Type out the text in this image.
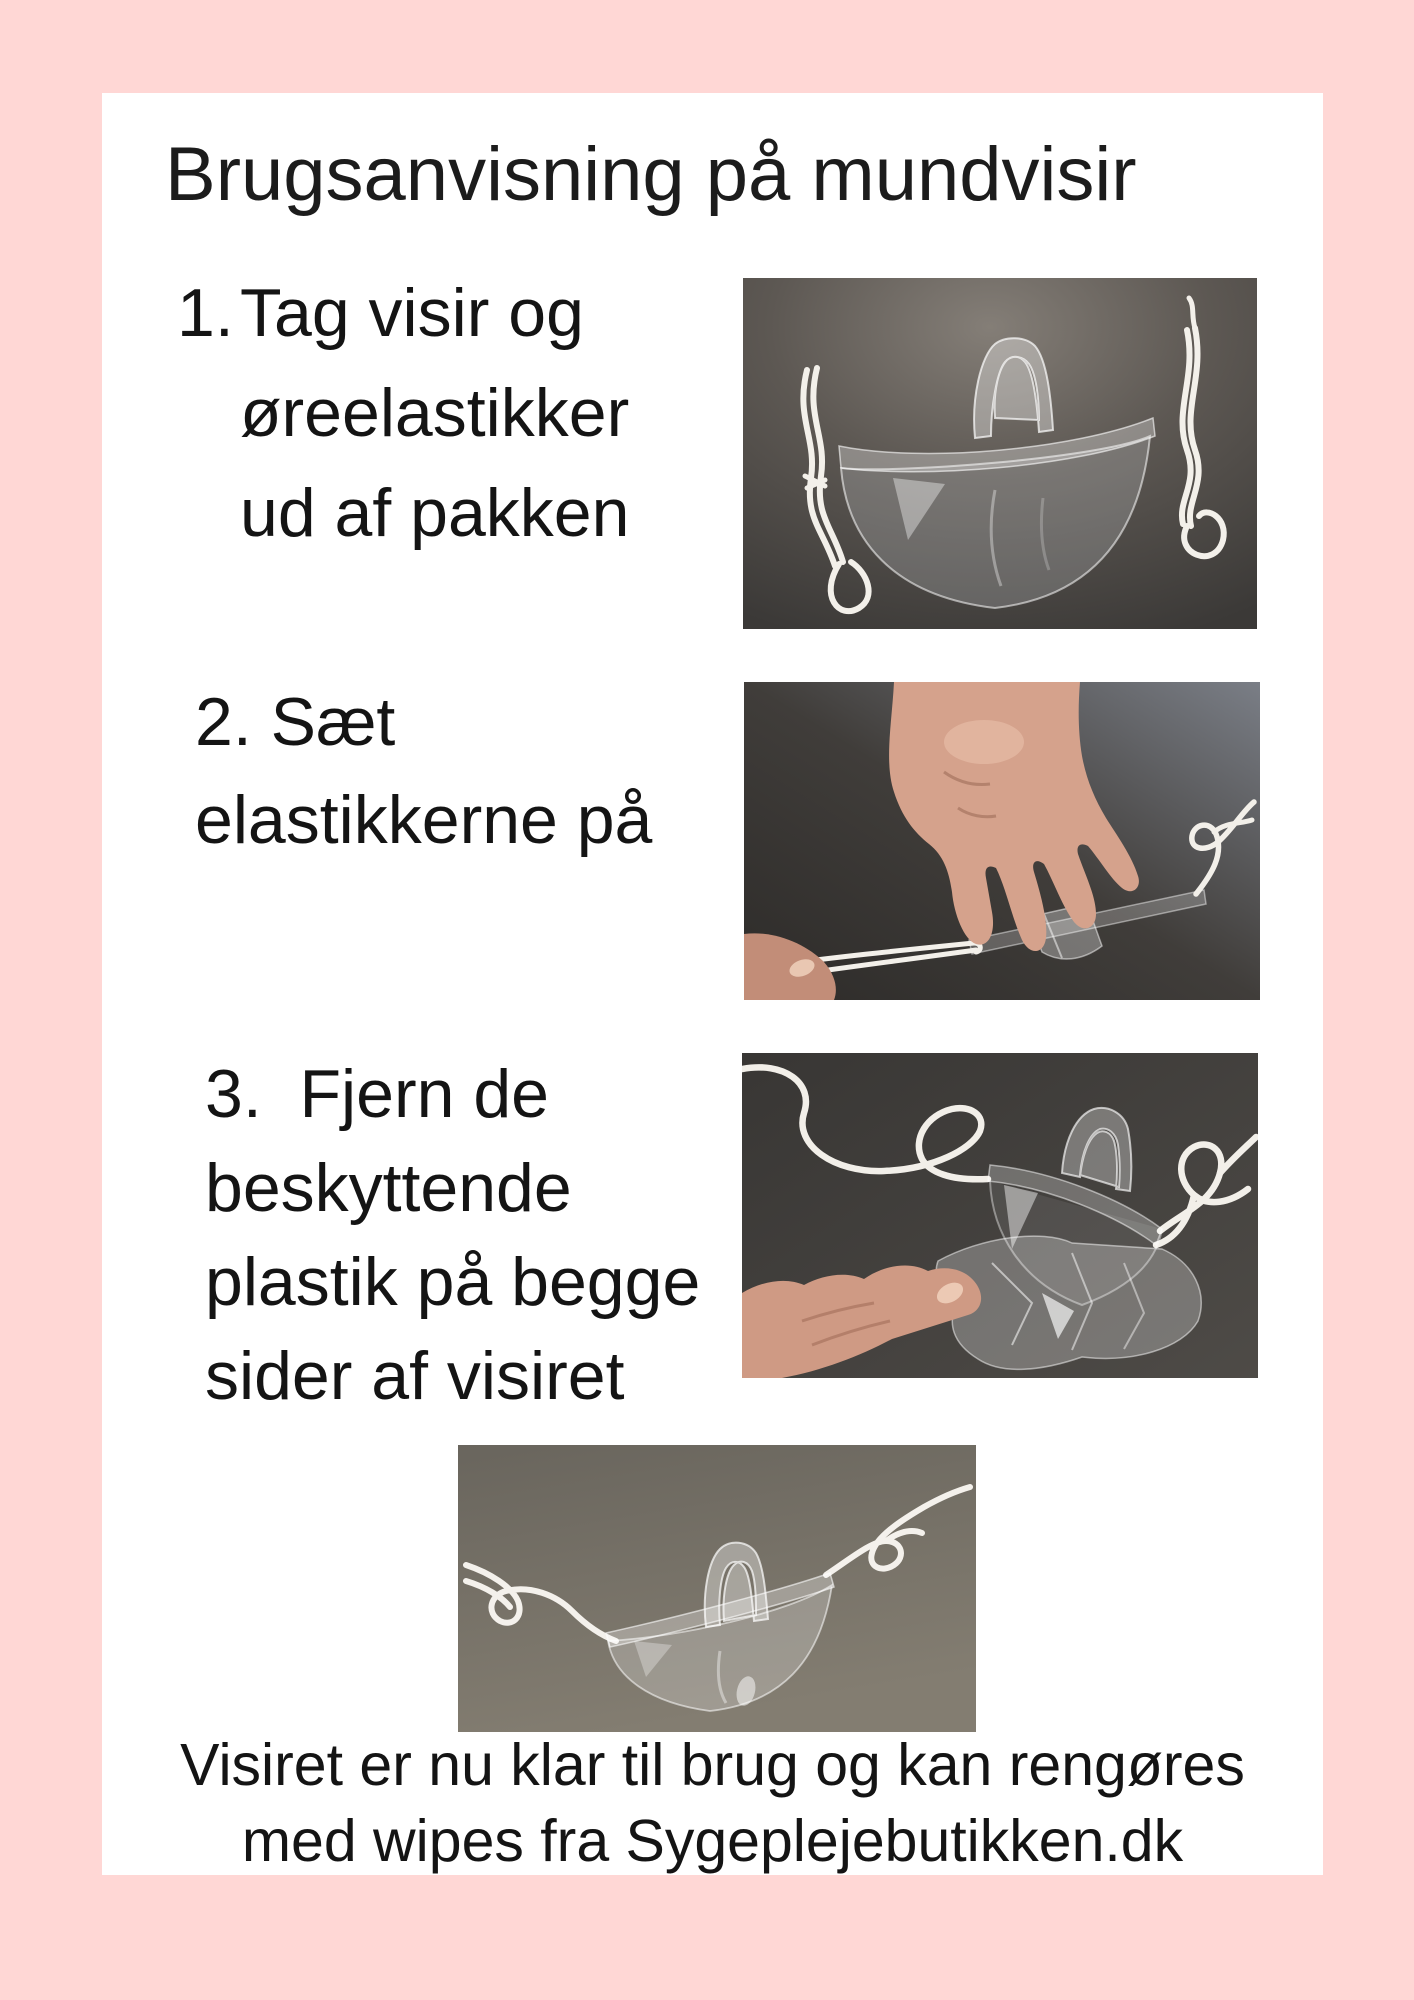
Brugsanvisning på mundvisir
1. Tag visir og
øreelastikker
ud af pakken
2. Sæt
elastikkerne på
3.  Fjern de
beskyttende
plastik på begge
sider af visiret
Visiret er nu klar til brug og kan rengøres
med wipes fra Sygeplejebutikken.dk
